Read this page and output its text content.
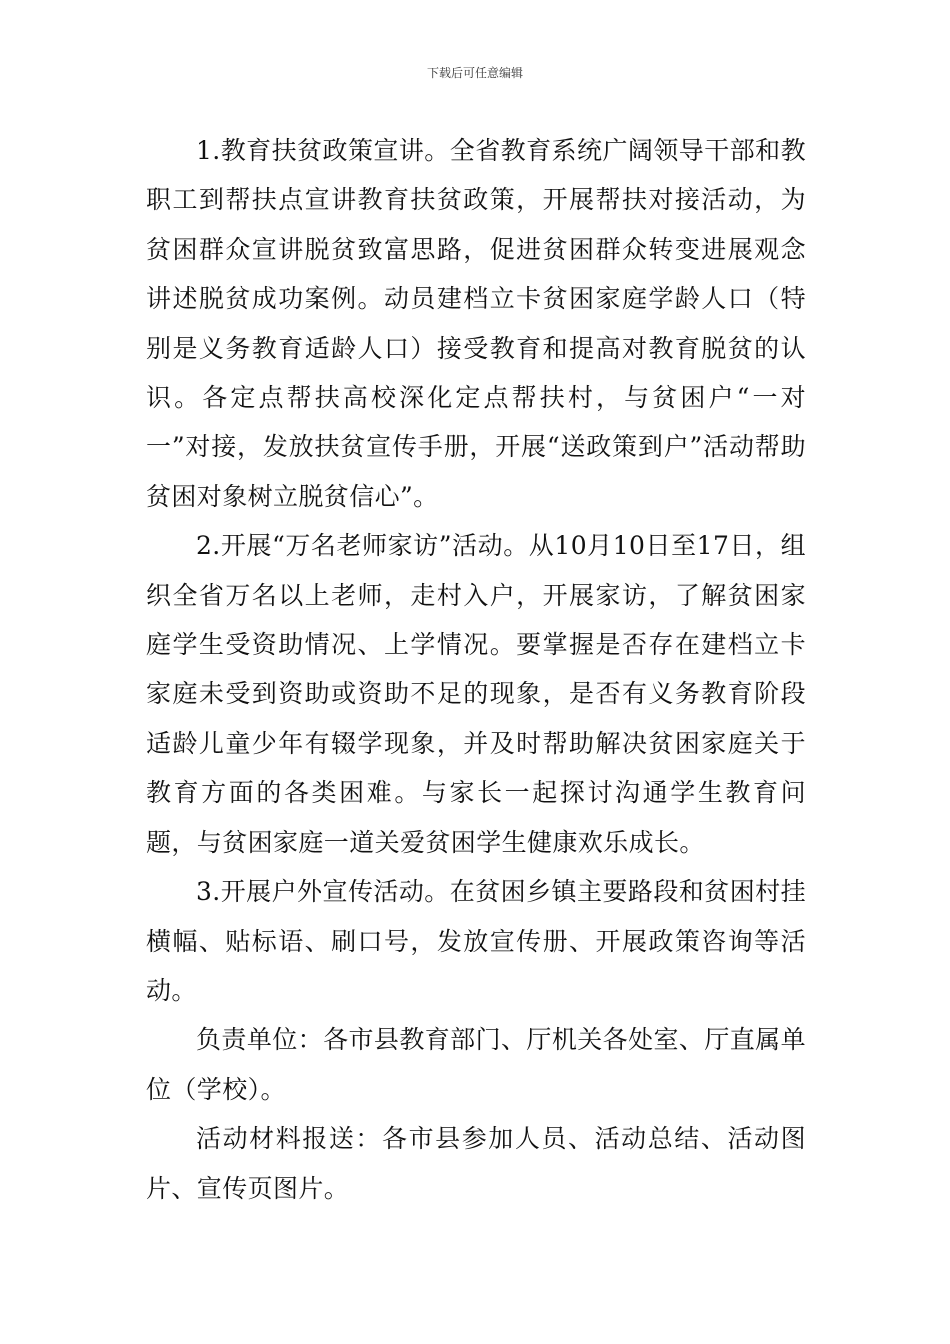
下载后可任意编辑

1.教育扶贫政策宣讲。全省教育系统广阔领导干部和教职工到帮扶点宣讲教育扶贫政策，开展帮扶对接活动，为贫困群众宣讲脱贫致富思路，促进贫困群众转变进展观念讲述脱贫成功案例。动员建档立卡贫困家庭学龄人口（特别是义务教育适龄人口）接受教育和提高对教育脱贫的认识。各定点帮扶高校深化定点帮扶村，与贫困户“一对一”对接，发放扶贫宣传手册，开展“送政策到户”活动帮助贫困对象树立脱贫信心”。

2.开展“万名老师家访”活动。从10月10日至17日，组织全省万名以上老师，走村入户，开展家访，了解贫困家庭学生受资助情况、上学情况。要掌握是否存在建档立卡家庭未受到资助或资助不足的现象，是否有义务教育阶段适龄儿童少年有辍学现象，并及时帮助解决贫困家庭关于教育方面的各类困难。与家长一起探讨沟通学生教育问题，与贫困家庭一道关爱贫困学生健康欢乐成长。

3.开展户外宣传活动。在贫困乡镇主要路段和贫困村挂横幅、贴标语、刷口号，发放宣传册、开展政策咨询等活动。

负责单位：各市县教育部门、厅机关各处室、厅直属单位（学校）。

活动材料报送：各市县参加人员、活动总结、活动图片、宣传页图片。
